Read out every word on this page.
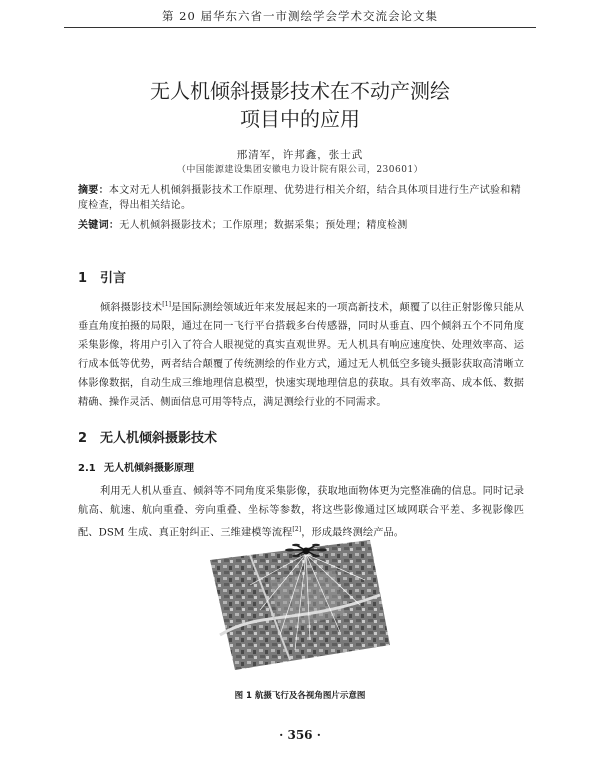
第 20 届华东六省一市测绘学会学术交流会论文集
无人机倾斜摄影技术在不动产测绘
项目中的应用
邢清军，许邦鑫，张士武
（中国能源建设集团安徽电力设计院有限公司，230601）
摘要：本文对无人机倾斜摄影技术工作原理、优势进行相关介绍，结合具体项目进行生产试验和精度检查，得出相关结论。
关键词：无人机倾斜摄影技术；工作原理；数据采集；预处理；精度检测
1 引言

倾斜摄影技术[1]是国际测绘领域近年来发展起来的一项高新技术，颠覆了以往正射影像只能从垂直角度拍摄的局限，通过在同一飞行平台搭载多台传感器，同时从垂直、四个倾斜五个不同角度采集影像，将用户引入了符合人眼视觉的真实直观世界。无人机具有响应速度快、处理效率高、运行成本低等优势，两者结合颠覆了传统测绘的作业方式，通过无人机低空多镜头摄影获取高清晰立体影像数据，自动生成三维地理信息模型，快速实现地理信息的获取。具有效率高、成本低、数据精确、操作灵活、侧面信息可用等特点，满足测绘行业的不同需求。

2 无人机倾斜摄影技术
2.1 无人机倾斜摄影原理

利用无人机从垂直、倾斜等不同角度采集影像，获取地面物体更为完整准确的信息。同时记录航高、航速、航向重叠、旁向重叠、坐标等参数，将这些影像通过区域网联合平差、多视影像匹配、DSM 生成、真正射纠正、三维建模等流程[2]，形成最终测绘产品。

图 1 航摄飞行及各视角图片示意图
· 356 ·
